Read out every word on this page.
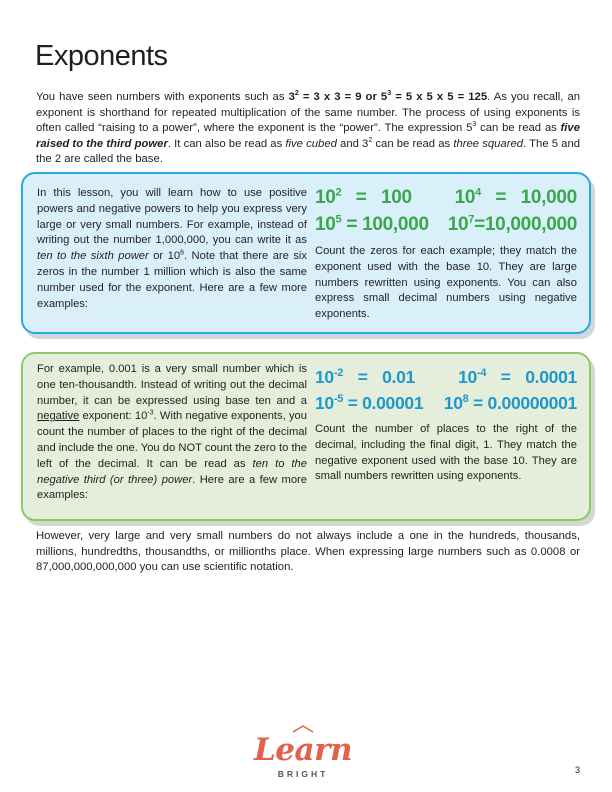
Exponents

You have seen numbers with exponents such as $3^2 = 3$ x 3 = 9 or $5^3 = 5$ x 5 x 5 = 125. As you recall, an exponent is shorthand for repeated multiplication of the same number. The process of using exponents is often called “raising to a power”, where the exponent is the “power”. The expression $5^3$ can be read as five raised to the third power. It can also be read as five cubed and $3^2$ can be read as three squared. The 5 and the 2 are called the base.

In this lesson, you will learn how to use positive powers and negative powers to help you express very large or very small numbers. For example, instead of writing out the number 1,000,000, you can write it as ten to the sixth power or $10^6$. Note that there are six zeros in the number 1 million which is also the same number used for the exponent. Here are a few more examples:

$10^2 = 100$ $10^4 = 10,000$
$10^5 = 100,000$ $10^7=10,000,000$

Count the zeros for each example; they match the exponent used with the base 10. They are large numbers rewritten using exponents. You can also express small decimal numbers using negative exponents.

For example, 0.001 is a very small number which is one ten-thousandth. Instead of writing out the decimal number, it can be expressed using base ten and a negative exponent: $10^{-3}$. With negative exponents, you count the number of places to the right of the decimal and include the one. You do NOT count the zero to the left of the decimal. It can be read as ten to the negative third (or three) power. Here are a few more examples:

$10^{-2} = 0.01$ $10^{-4} = 0.0001$
$10^{-5} = 0.00001$ $10^8 = 0.00000001$

Count the number of places to the right of the decimal, including the final digit, 1. They match the negative exponent used with the base 10. They are small numbers rewritten using exponents.

However, very large and very small numbers do not always include a one in the hundreds, thousands, millions, hundredths, thousandths, or millionths place. When expressing large numbers such as 0.0008 or 87,000,000,000,000 you can use scientific notation.

Learn
BRIGHT	3
